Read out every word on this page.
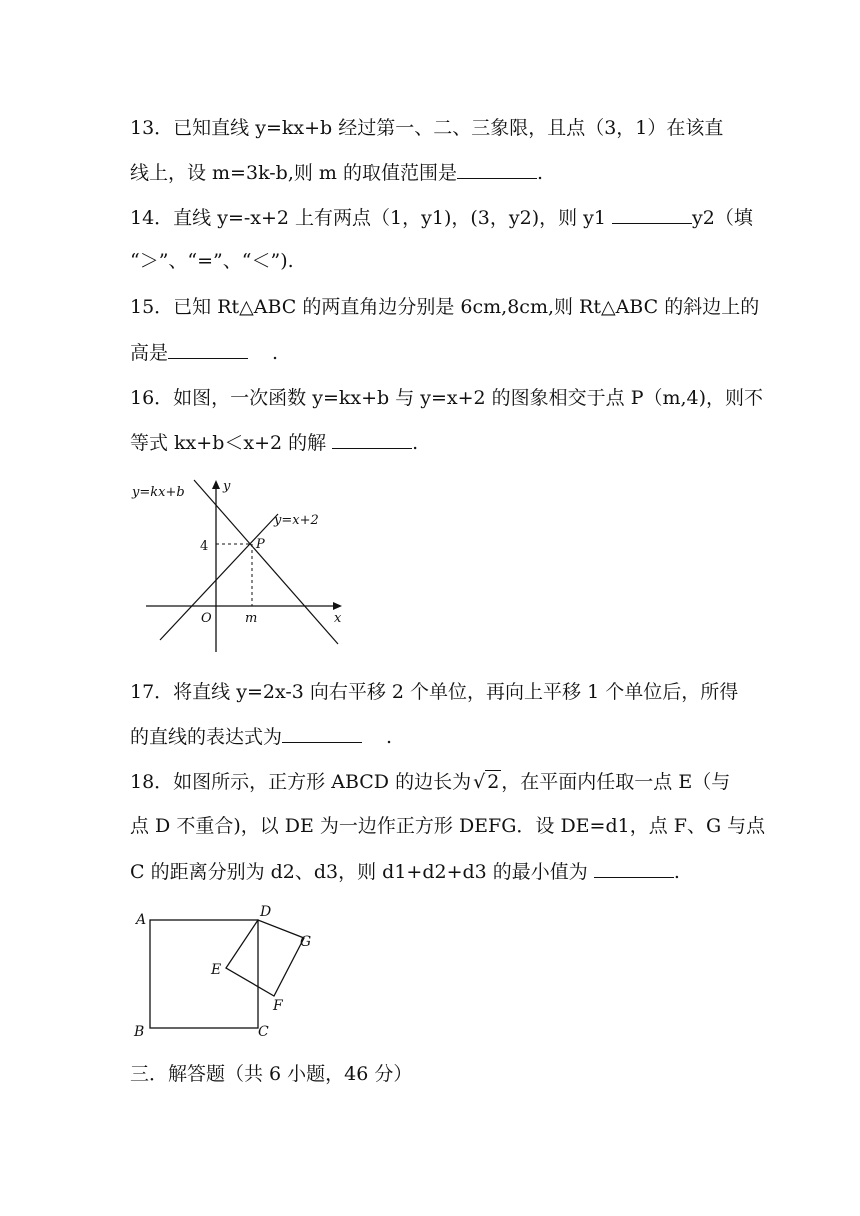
13．已知直线 y=kx+b 经过第一、二、三象限，且点（3，1）在该直
线上，设 m=3k-b,则 m 的取值范围是	.
14．直线 y=-x+2 上有两点（1，y1)，(3，y2)，则 y1	y2（填
“＞”、“=”、“＜”).
15．已知 Rt△ABC 的两直角边分别是 6cm,8cm,则 Rt△ABC 的斜边上的
高是	.
16．如图，一次函数 y=kx+b 与 y=x+2 的图象相交于点 P（m,4)，则不
等式 kx+b＜x+2 的解	.
y=kx+b
y=x+2
y
x
O	m
4	P
17．将直线 y=2x-3 向右平移 2 个单位，再向上平移 1 个单位后，所得
的直线的表达式为	.
18．如图所示，正方形 ABCD 的边长为 √ 2 ，在平面内任取一点 E（与
点 D 不重合)，以 DE 为一边作正方形 DEFG．设 DE=d1，点 F、G 与点
C 的距离分别为 d2、d3，则 d1+d2+d3 的最小值为	.
A
B	C
D
E
F
G
三．解答题（共 6 小题，46 分）
